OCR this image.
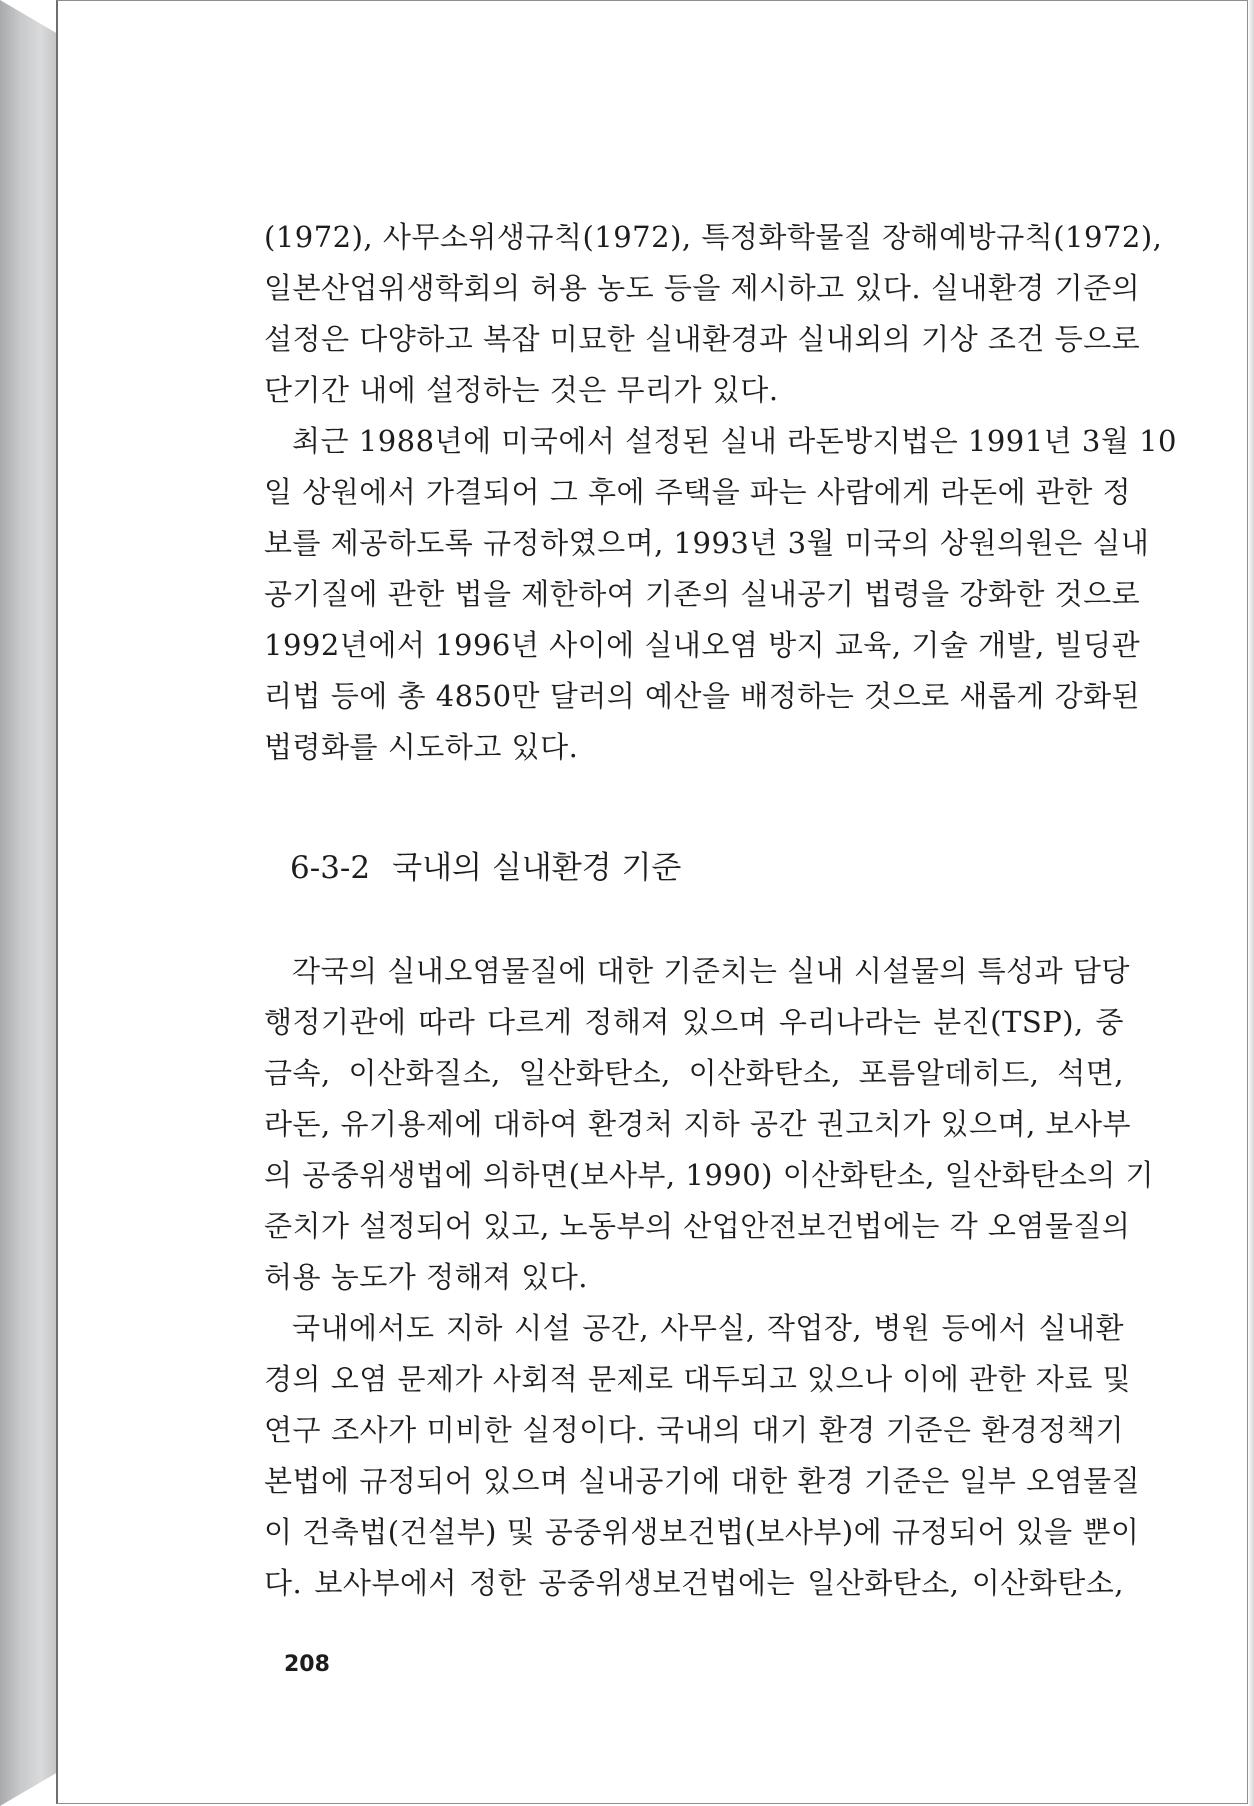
(1972), 사무소위생규칙(1972), 특정화학물질 장해예방규칙(1972),
일본산업위생학회의 허용 농도 등을 제시하고 있다. 실내환경 기준의
설정은 다양하고 복잡 미묘한 실내환경과 실내외의 기상 조건 등으로
단기간 내에 설정하는 것은 무리가 있다.
최근 1988년에 미국에서 설정된 실내 라돈방지법은 1991년 3월 10
일 상원에서 가결되어 그 후에 주택을 파는 사람에게 라돈에 관한 정
보를 제공하도록 규정하였으며, 1993년 3월 미국의 상원의원은 실내
공기질에 관한 법을 제한하여 기존의 실내공기 법령을 강화한 것으로
1992년에서 1996년 사이에 실내오염 방지 교육, 기술 개발, 빌딩관
리법 등에 총 4850만 달러의 예산을 배정하는 것으로 새롭게 강화된
법령화를 시도하고 있다.
6-3-2 국내의 실내환경 기준
각국의 실내오염물질에 대한 기준치는 실내 시설물의 특성과 담당
행정기관에 따라 다르게 정해져 있으며 우리나라는 분진(TSP), 중
금속, 이산화질소, 일산화탄소, 이산화탄소, 포름알데히드, 석면,
라돈, 유기용제에 대하여 환경처 지하 공간 권고치가 있으며, 보사부
의 공중위생법에 의하면(보사부, 1990) 이산화탄소, 일산화탄소의 기
준치가 설정되어 있고, 노동부의 산업안전보건법에는 각 오염물질의
허용 농도가 정해져 있다.
국내에서도 지하 시설 공간, 사무실, 작업장, 병원 등에서 실내환
경의 오염 문제가 사회적 문제로 대두되고 있으나 이에 관한 자료 및
연구 조사가 미비한 실정이다. 국내의 대기 환경 기준은 환경정책기
본법에 규정되어 있으며 실내공기에 대한 환경 기준은 일부 오염물질
이 건축법(건설부) 및 공중위생보건법(보사부)에 규정되어 있을 뿐이
다. 보사부에서 정한 공중위생보건법에는 일산화탄소, 이산화탄소,
208
